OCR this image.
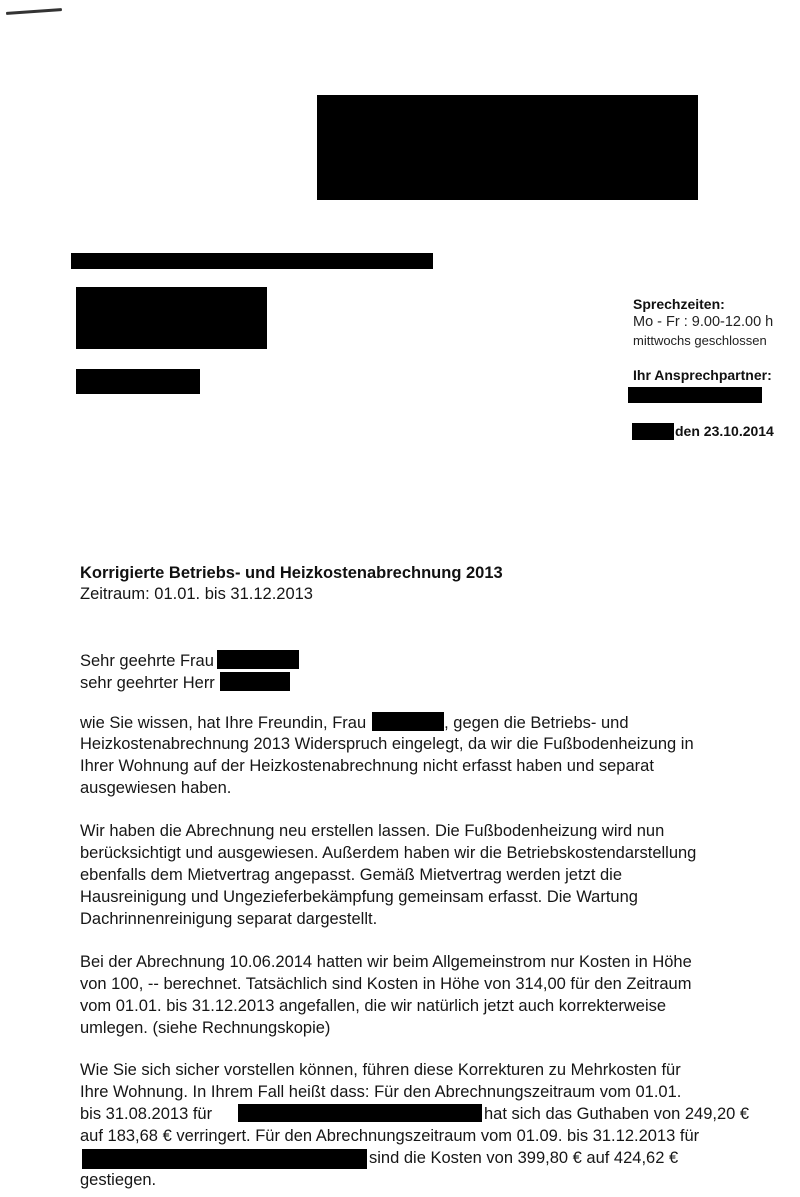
Sprechzeiten:
Mo - Fr : 9.00-12.00 h
mittwochs geschlossen
Ihr Ansprechpartner:
den 23.10.2014
Korrigierte Betriebs- und Heizkostenabrechnung 2013
Zeitraum: 01.01. bis 31.12.2013
Sehr geehrte Frau
sehr geehrter Herr
wie Sie wissen, hat Ihre Freundin, Frau	, gegen die Betriebs- und
Heizkostenabrechnung 2013 Widerspruch eingelegt, da wir die Fußbodenheizung in
Ihrer Wohnung auf der Heizkostenabrechnung nicht erfasst haben und separat
ausgewiesen haben.
Wir haben die Abrechnung neu erstellen lassen. Die Fußbodenheizung wird nun
berücksichtigt und ausgewiesen. Außerdem haben wir die Betriebskostendarstellung
ebenfalls dem Mietvertrag angepasst. Gemäß Mietvertrag werden jetzt die
Hausreinigung und Ungezieferbekämpfung gemeinsam erfasst. Die Wartung
Dachrinnenreinigung separat dargestellt.
Bei der Abrechnung 10.06.2014 hatten wir beim Allgemeinstrom nur Kosten in Höhe
von 100, -- berechnet. Tatsächlich sind Kosten in Höhe von 314,00 für den Zeitraum
vom 01.01. bis 31.12.2013 angefallen, die wir natürlich jetzt auch korrekterweise
umlegen. (siehe Rechnungskopie)
Wie Sie sich sicher vorstellen können, führen diese Korrekturen zu Mehrkosten für
Ihre Wohnung. In Ihrem Fall heißt dass: Für den Abrechnungszeitraum vom 01.01.
bis 31.08.2013 für	hat sich das Guthaben von 249,20 €
auf 183,68 € verringert. Für den Abrechnungszeitraum vom 01.09. bis 31.12.2013 für
sind die Kosten von 399,80 € auf 424,62 €
gestiegen.
